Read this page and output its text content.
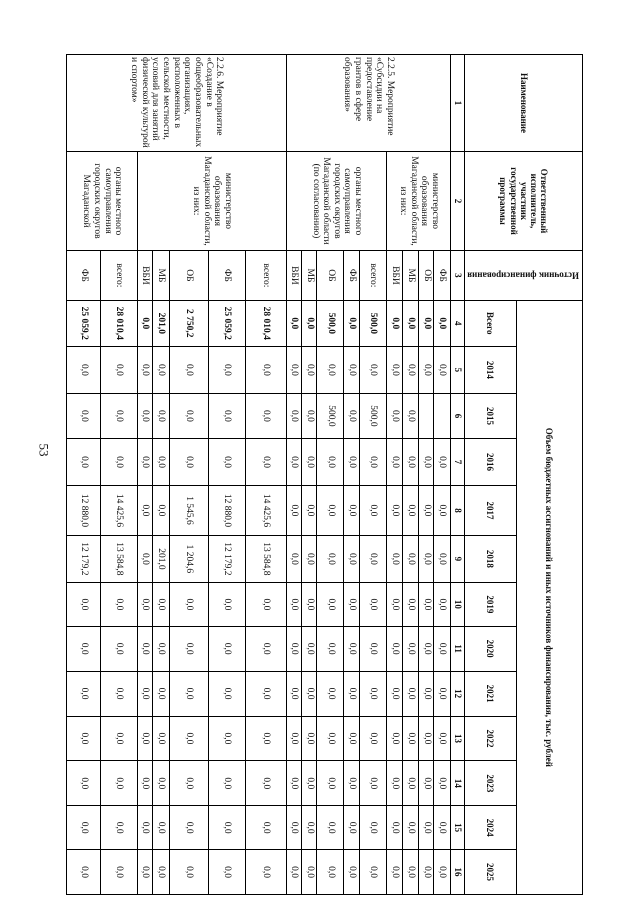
53
Наименование	Ответственный исполнитель, участник государственной программы	Источник финансирования	Объем бюджетных ассигнований и иных источников финансирования, тыс. рублей												
			Всего	2014	2015	2016	2017	2018	2019	2020	2021	2022	2023	2024	2025
1	2	3	4	5	6	7	8	9	10	11	12	13	14	15	16
2.2.5. Мероприятие «Субсидии на предоставление грантов в сфере образования»	министерство образования Магаданской области, из них:	ФБ	0,0	0,0		0,0	0,0	0,0	0,0	0,0	0,0	0,0	0,0	0,0	0,0
		ОБ	0,0	0,0		0,0	0,0	0,0	0,0	0,0	0,0	0,0	0,0	0,0	0,0
		МБ	0,0	0,0	0,0	0,0	0,0	0,0	0,0	0,0	0,0	0,0	0,0	0,0	0,0
		ВБИ	0,0	0,0	0,0	0,0	0,0	0,0	0,0	0,0	0,0	0,0	0,0	0,0	0,0
	органы местного самоуправления городских округов Магаданской области (по согласованию)	всего:	500,0	0,0	500,0	0,0	0,0	0,0	0,0	0,0	0,0	0,0	0,0	0,0	0,0
		ФБ	0,0	0,0	0,0	0,0	0,0	0,0	0,0	0,0	0,0	0,0	0,0	0,0	0,0
		ОБ	500,0	0,0	500,0	0,0	0,0	0,0	0,0	0,0	0,0	0,0	0,0	0,0	0,0
		МБ	0,0	0,0	0,0	0,0	0,0	0,0	0,0	0,0	0,0	0,0	0,0	0,0	0,0
		ВБИ	0,0	0,0	0,0	0,0	0,0	0,0	0,0	0,0	0,0	0,0	0,0	0,0	0,0
2.2.6. Мероприятие «Создание в общеобразовательных организациях, расположенных в сельской местности, условий для занятий физической культурой и спортом»	министерство образования Магаданской области, из них:	всего:	28 010,4	0,0	0,0	0,0	14 425,6	13 584,8	0,0	0,0	0,0	0,0	0,0	0,0	0,0
		ФБ	25 059,2	0,0	0,0	0,0	12 880,0	12 179,2	0,0	0,0	0,0	0,0	0,0	0,0	0,0
		ОБ	2 750,2	0,0	0,0	0,0	1 545,6	1 204,6	0,0	0,0	0,0	0,0	0,0	0,0	0,0
		МБ	201,0	0,0	0,0	0,0	0,0	201,0	0,0	0,0	0,0	0,0	0,0	0,0	0,0
		ВБИ	0,0	0,0	0,0	0,0	0,0	0,0	0,0	0,0	0,0	0,0	0,0	0,0	0,0
	органы местного самоуправления городских округов Магаданской	всего:	28 010,4	0,0	0,0	0,0	14 425,6	13 584,8	0,0	0,0	0,0	0,0	0,0	0,0	0,0
		ФБ	25 059,2	0,0	0,0	0,0	12 880,0	12 179,2	0,0	0,0	0,0	0,0	0,0	0,0	0,0
